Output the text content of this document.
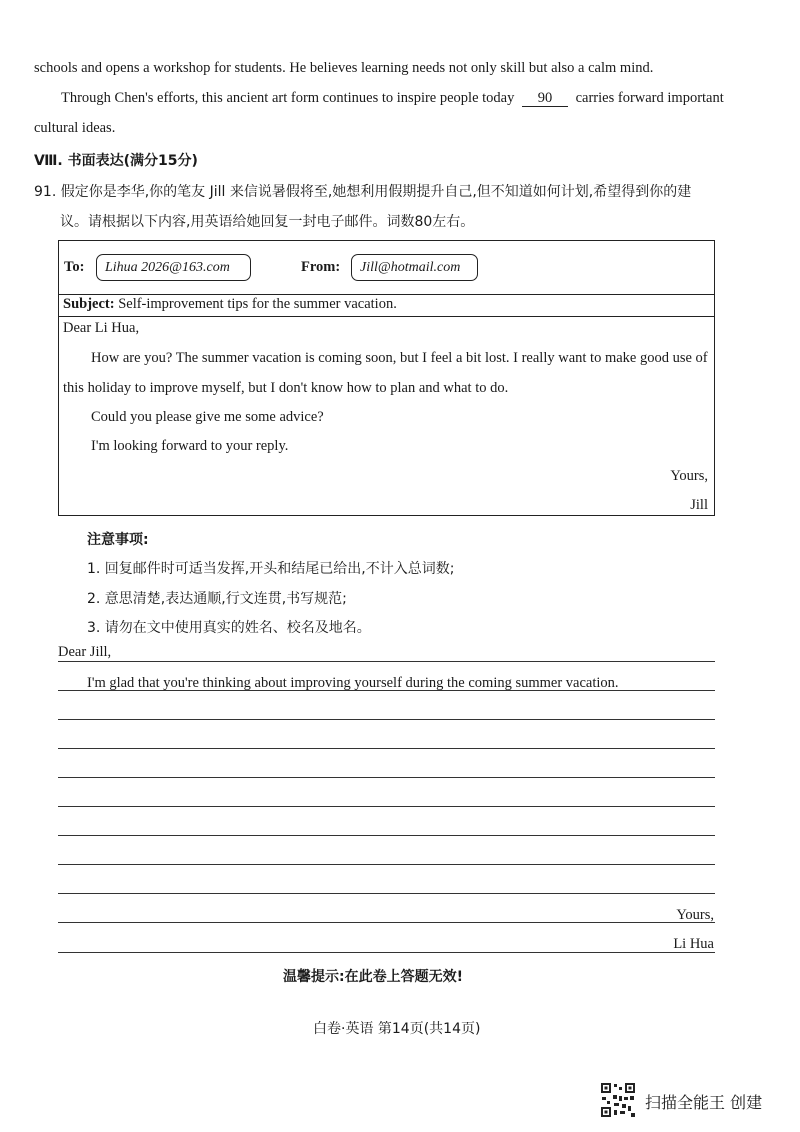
schools and opens a workshop for students. He believes learning needs not only skill but also a calm mind.
Through Chen's efforts, this ancient art form continues to inspire people today 90 carries forward important
cultural ideas.
Ⅷ. 书面表达(满分15分)
91. 假定你是李华,你的笔友 Jill 来信说暑假将至,她想利用假期提升自己,但不知道如何计划,希望得到你的建
议。请根据以下内容,用英语给她回复一封电子邮件。词数80左右。
To:	Lihua 2026@163.com	From:	Jill@hotmail.com
Subject: Self-improvement tips for the summer vacation.
Dear Li Hua,
How are you? The summer vacation is coming soon, but I feel a bit lost. I really want to make good use of
this holiday to improve myself, but I don't know how to plan and what to do.
Could you please give me some advice?
I'm looking forward to your reply.
Yours,
Jill
注意事项:
1. 回复邮件时可适当发挥,开头和结尾已给出,不计入总词数;
2. 意思清楚,表达通顺,行文连贯,书写规范;
3. 请勿在文中使用真实的姓名、校名及地名。
Dear Jill,
I'm glad that you're thinking about improving yourself during the coming summer vacation.
Yours,
Li Hua
温馨提示:在此卷上答题无效!
白卷·英语 第14页(共14页)
扫描全能王 创建
